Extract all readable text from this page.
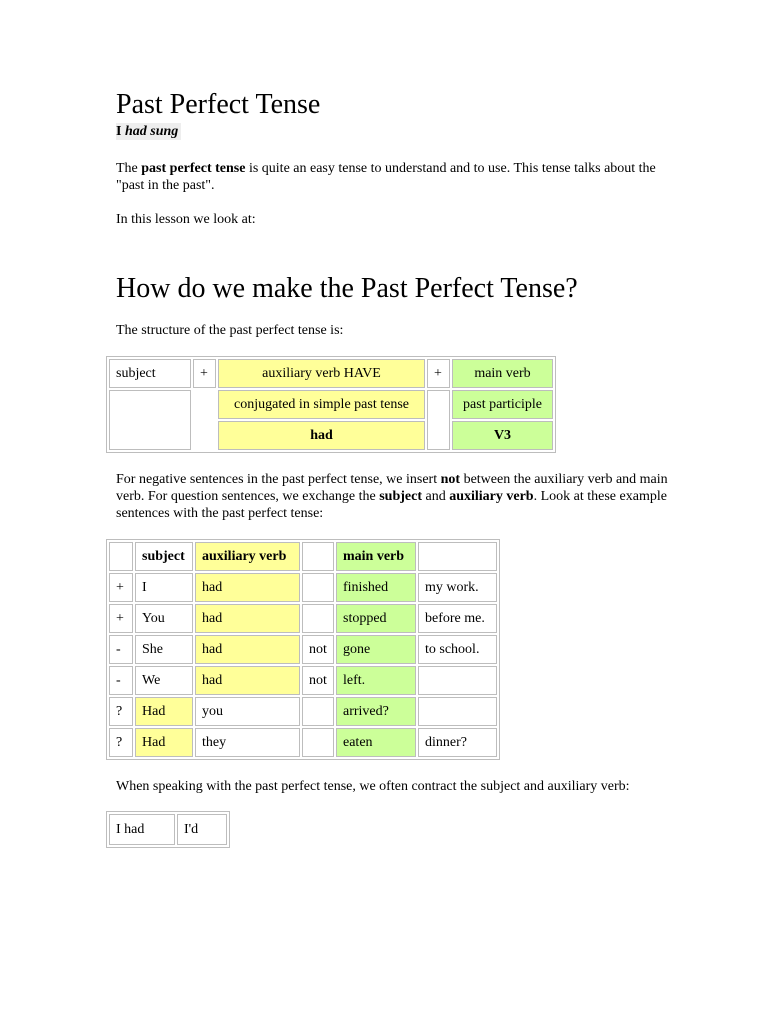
Past Perfect Tense
I had sung

The past perfect tense is quite an easy tense to understand and to use. This tense talks about the "past in the past".

In this lesson we look at:

How do we make the Past Perfect Tense?

The structure of the past perfect tense is:

subject	+	auxiliary verb HAVE	+	main verb
		conjugated in simple past tense		past participle
		had		V3

For negative sentences in the past perfect tense, we insert not between the auxiliary verb and main verb. For question sentences, we exchange the subject and auxiliary verb. Look at these example sentences with the past perfect tense:

	subject	auxiliary verb		main verb	
+	I	had		finished	my work.
+	You	had		stopped	before me.
-	She	had	not	gone	to school.
-	We	had	not	left.	
?	Had	you		arrived?	
?	Had	they		eaten	dinner?

When speaking with the past perfect tense, we often contract the subject and auxiliary verb:

I had	I'd
